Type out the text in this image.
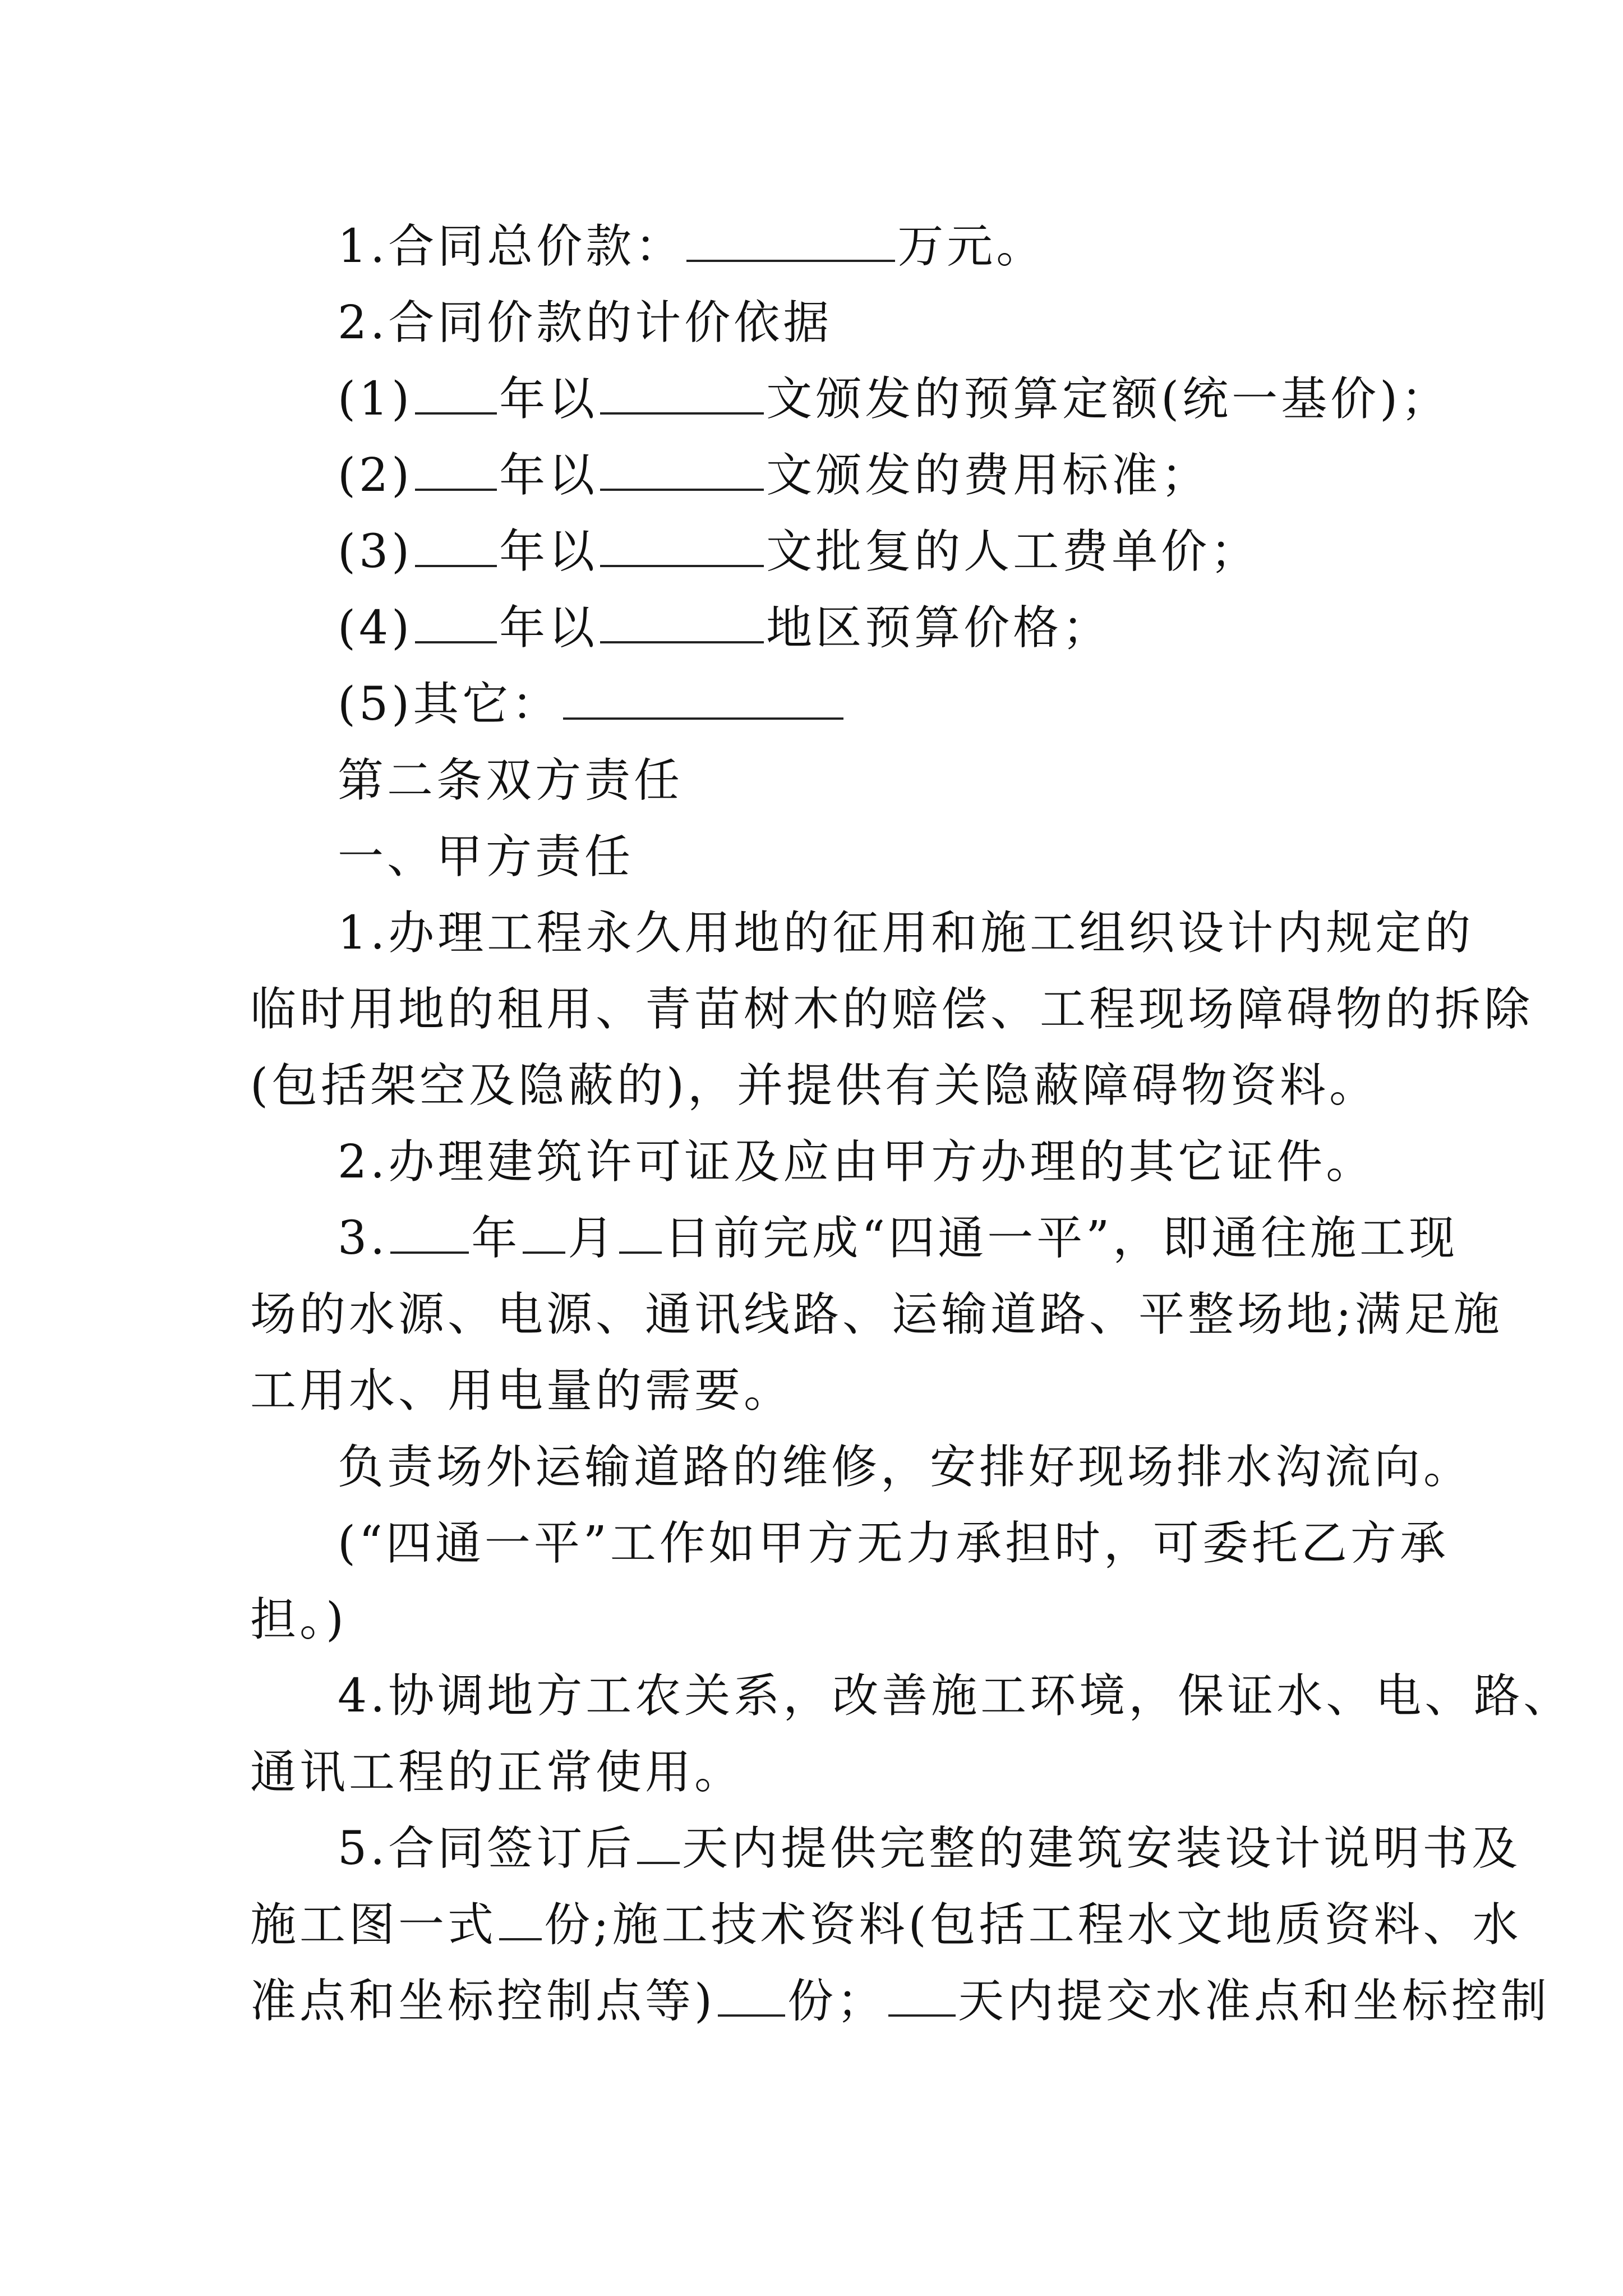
1.合同总价款：	万元。
2.合同价款的计价依据
(1) 年以	文颁发的预算定额(统一基价)；
(2) 年以	文颁发的费用标准；
(3) 年以	文批复的人工费单价；
(4) 年以	地区预算价格；
(5)其它：
第二条双方责任
一、甲方责任
1.办理工程永久用地的征用和施工组织设计内规定的
临时用地的租用、青苗树木的赔偿、工程现场障碍物的拆除
(包括架空及隐蔽的)，并提供有关隐蔽障碍物资料。
2.办理建筑许可证及应由甲方办理的其它证件。
3. 年 月 日前完成“四通一平”，即通往施工现
场的水源、电源、通讯线路、运输道路、平整场地;满足施
工用水、用电量的需要。
负责场外运输道路的维修，安排好现场排水沟流向。
(“四通一平”工作如甲方无力承担时，可委托乙方承
担。)
4.协调地方工农关系，改善施工环境，保证水、电、路、
通讯工程的正常使用。
5.合同签订后 天内提供完整的建筑安装设计说明书及
施工图一式 份;施工技术资料(包括工程水文地质资料、水
准点和坐标控制点等) 份； 天内提交水准点和坐标控制
